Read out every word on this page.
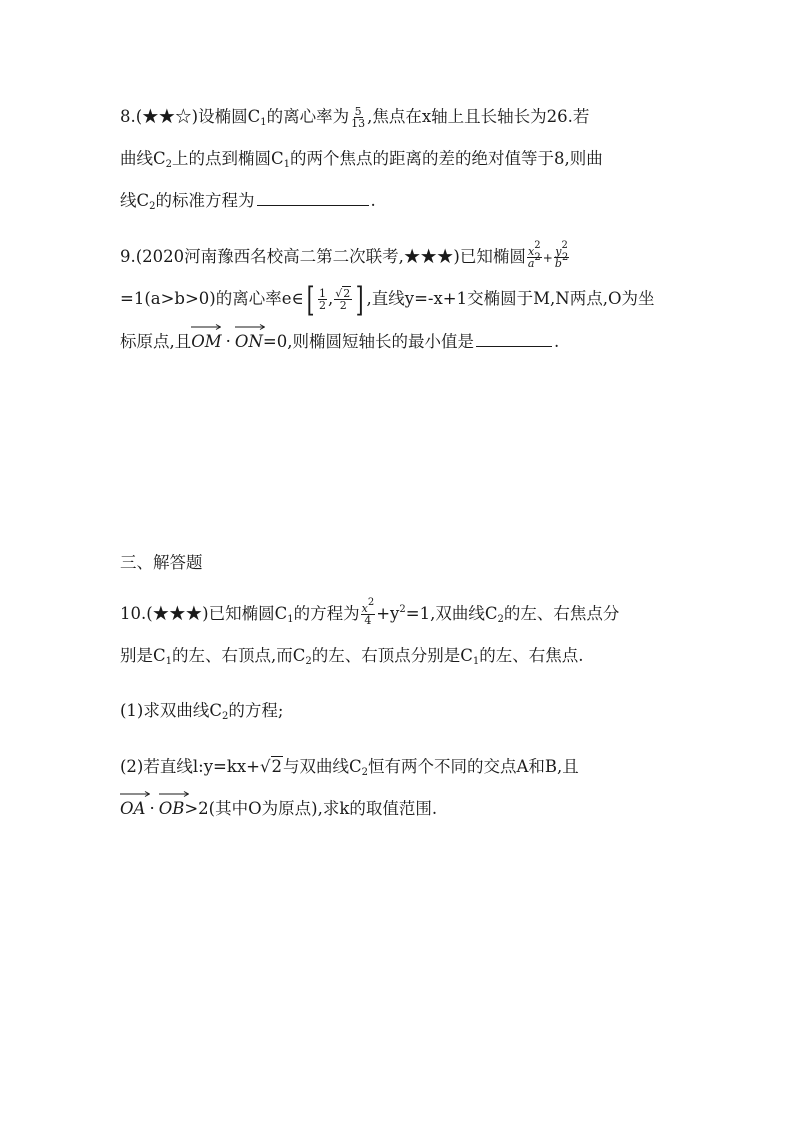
8.(★★☆)设椭圆$C_1$的离心率为 $\frac{5}{13}$ ,焦点在x轴上且长轴长为26.若
曲线$C_2$上的点到椭圆$C_1$的两个焦点的距离的差的绝对值等于8,则曲
线$C_2$的标准方程为	.
9.(2020河南豫西名校高二第二次联考,★★★)已知椭圆 $\frac{x^2}{a^2} + \frac{y^2}{b^2}$
=1(a>b>0)的离心率e∈[ $\frac{1}{2}$ , $\frac{√2}{2}$ ] ,直线y=-x+1交椭圆于M,N两点,O为坐
标原点,且
OM · ON=0,则椭圆短轴长的最小值是	.
三、解答题
10.(★★★)已知椭圆$C_1$的方程为 $\frac{x^2}{4} +y^2=1$,双曲线$C_2$的左、右焦点分
别是$C_1$的左、右顶点,而$C_2$的左、右顶点分别是$C_1$的左、右焦点.
(1)求双曲线$C_2$的方程;
(2)若直线l:y=kx+√2与双曲线$C_2$恒有两个不同的交点A和B,且
OA · OB>2(其中O为原点),求k的取值范围.
